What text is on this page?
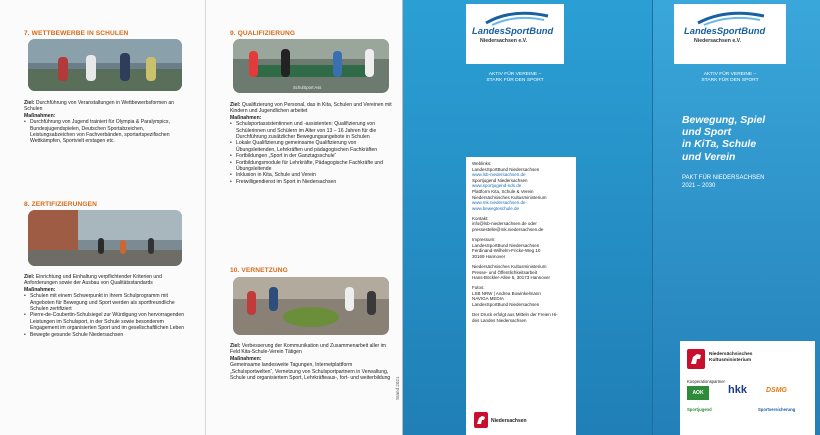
7. WETTBEWERBE IN SCHULEN
Ziel: Durchführung von Veranstaltungen in Wettbewerbsformen an Schulen
Maßnahmen:
• Durchführung von Jugend trainiert für Olympia & Paralympics, Bundesjugendspielen, Deutschen Sportabzeichen, Leistungsabzeichen von Fachverbänden, sportartspezifischen Wettkämpfen, Sportvielt erstagen etc.
8. ZERTIFIZIERUNGEN
Ziel: Einrichtung und Einhaltung verpflichtender Kriterien und Anforderungen sowie der Ausbau von Qualitätsstandards
Maßnahmen:
• Schulen mit einem Schwerpunkt in ihrem Schulprogramm mit Angeboten für Bewegung und Sport werden als sportfreundliche Schulen zertifiziert
• Pierre-de-Coubertin-Schulsiegel zur Würdigung von hervorragenden Leistungen im Schulsport, in der Schule sowie besonderem Engagement im organisierten Sport und im gesellschaftlichen Leben
• Bewegte gesunde Schule Niedersachsen
9. QUALIFIZIERUNG
SchulSport Ass
Ziel: Qualifizierung von Personal, das in Kita, Schulen und Vereinen mit Kindern und Jugendlichen arbeitet
Maßnahmen:
• Schulsportassistentinnen und -assistenten: Qualifizierung von Schülerinnen und Schülern im Alter von 13 – 16 Jahren für die Durchführung zusätzlicher Bewegungsangebote in Schulen
• Lokale Qualifizierung gemeinsame Qualifizierung von Übungsleitenden, Lehrkräften und pädagogischen Fachkräften
• Fortbildungen „Sport in der Ganztagsschule“
• Fortbildungsmodule für Lehrkräfte, Pädagogische Fachkräfte und Übungsleitende
• Inklusion in Kita, Schule und Verein
• Freiwilligendienst im Sport in Niedersachsen
10. VERNETZUNG
Ziel: Verbesserung der Kommunikation und Zusammenarbeit aller im Feld Kita-Schule-Verein Tätigen
Maßnahmen:
Gemeinsame landesweite Tagungen, Internetplattform „Schulsportwelten“, Vernetzung von Schulsportpartnern in Verwaltung, Schule und organisiertem Sport, Lehrkräfteaus-, fort- und weiterbildung	Stand 2021
LandesSportBund
Niedersachsen e.V.
AKTIV FÜR VEREINE –
STARK FÜR DEN SPORT

Weblinks:

LandesSportBund Niedersachsen

www.lsb-niedersachsen.de

Sportjugend Niedersachsen

www.sportjugend-nds.de

Plattform Kita, Schule & Verein

Niedersächsisches Kultusministerium

www.mk.niedersachsen.de

www.bewegteschule.de

Kontakt:

info@lsb-niedersachsen.de oder

pressestelle@mk.niedersachsen.de

Impressum:

LandesSportBund Niedersachsen

Ferdinand-Wilhelm-Fricke-Weg 10

30169 Hannover

Niedersächsisches Kultusministerium

Presse- und Öffentlichkeitsarbeit

Hans-Böckler-Allee 5, 30173 Hannover

Fotos:

LSB NRW | Andrea Bowinkelmann

NAVIGA MEDIA

LandesSportBund Niedersachsen

Der Druck erfolgt aus Mitteln der Freien Hi-

des Landes Niedersachsen

Niedersachsen
LandesSportBund
Niedersachsen e.V.
AKTIV FÜR VEREINE –
STARK FÜR DEN SPORT
Bewegung, Spiel
und Sport
in KiTa, Schule
und Verein
PAKT FÜR NIEDERSACHSEN
2021 – 2030
Niedersächsisches
Kultusministerium
Kooperationspartner
AOK	hkk	DSMG
Sportjugend	Sportversicherung
